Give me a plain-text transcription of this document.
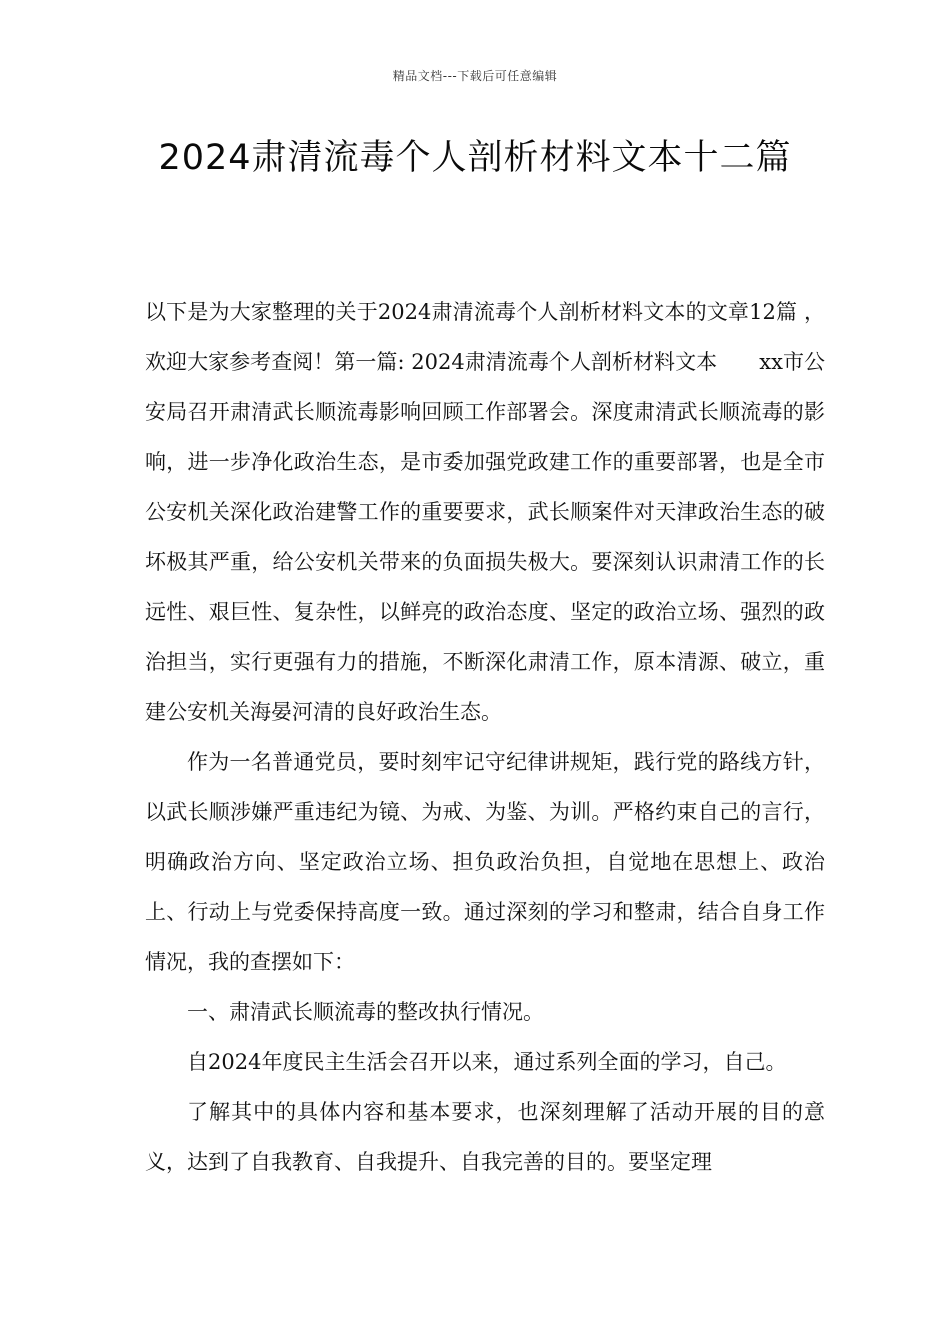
精品文档---下载后可任意编辑
2024肃清流毒个人剖析材料文本十二篇

以下是为大家整理的关于2024肃清流毒个人剖析材料文本的文章12篇 ， 欢迎大家参考查阅！第一篇: 2024肃清流毒个人剖析材料文本　　xx市公安局召开肃清武长顺流毒影响回顾工作部署会。深度肃清武长顺流毒的影响，进一步净化政治生态，是市委加强党政建工作的重要部署，也是全市公安机关深化政治建警工作的重要要求，武长顺案件对天津政治生态的破坏极其严重，给公安机关带来的负面损失极大。要深刻认识肃清工作的长远性、艰巨性、复杂性，以鲜亮的政治态度、坚定的政治立场、强烈的政治担当，实行更强有力的措施，不断深化肃清工作，原本清源、破立，重建公安机关海晏河清的良好政治生态。

作为一名普通党员，要时刻牢记守纪律讲规矩，践行党的路线方针，以武长顺涉嫌严重违纪为镜、为戒、为鉴、为训。严格约束自己的言行，明确政治方向、坚定政治立场、担负政治负担，自觉地在思想上、政治上、行动上与党委保持高度一致。通过深刻的学习和整肃，结合自身工作情况，我的查摆如下：

一、肃清武长顺流毒的整改执行情况。

自2024年度民主生活会召开以来，通过系列全面的学习，自己。

了解其中的具体内容和基本要求，也深刻理解了活动开展的目的意义，达到了自我教育、自我提升、自我完善的目的。要坚定理
